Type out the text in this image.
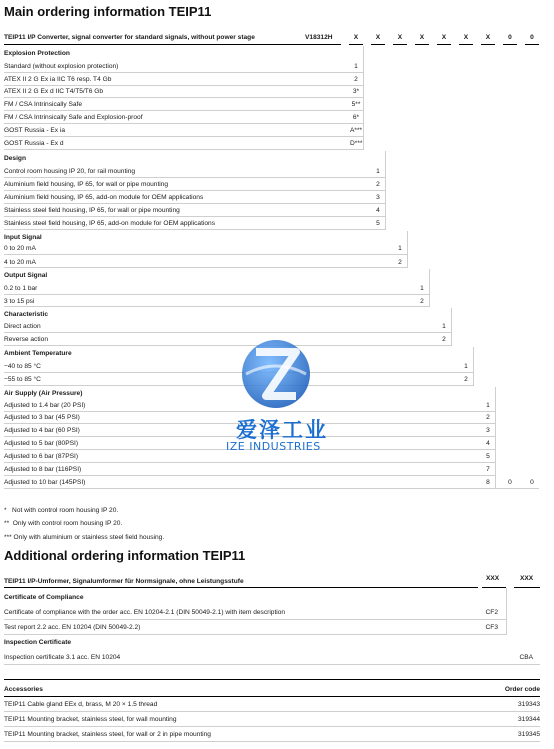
Main ordering information TEIP11
TEIP11 I/P Converter, signal converter for standard signals, without power stage	V18312H	X	X	X	X	X	X	X	0	0
Explosion Protection
Standard (without explosion protection)	1
ATEX II 2 G Ex ia IIC T6 resp. T4 Gb	2
ATEX II 2 G Ex d IIC T4/T5/T6 Gb	3*
FM / CSA Intrinsically Safe	5**
FM / CSA Intrinsically Safe and Explosion-proof	6*
GOST Russia - Ex ia	A***
GOST Russia - Ex d	D***
Design
Control room housing IP 20, for rail mounting	1
Aluminium field housing, IP 65, for wall or pipe mounting	2
Aluminium field housing, IP 65, add-on module for OEM applications	3
Stainless steel field housing, IP 65, for wall or pipe mounting	4
Stainless steel field housing, IP 65, add-on module for OEM applications	5
Input Signal
0 to 20 mA	1
4 to 20 mA	2
Output Signal
0.2 to 1 bar	1
3 to 15 psi	2
Characteristic
Direct action	1
Reverse action	2
Ambient Temperature
−40 to 85 °C	1
−55 to 85 °C	2
Air Supply (Air Pressure)
Adjusted to 1.4 bar (20 PSI)	1
Adjusted to 3 bar (45 PSI)	2
Adjusted to 4 bar (60 PSI)	3
Adjusted to 5 bar (80PSI)	4
Adjusted to 6 bar (87PSI)	5
Adjusted to 8 bar (116PSI)	7
Adjusted to 10 bar (145PSI)	8	0	0
*   Not with control room housing IP 20.
**  Only with control room housing IP 20.
*** Only with aluminium or stainless steel field housing.
Additional ordering information TEIP11
TEIP11 I/P-Umformer, Signalumformer für Normsignale, ohne Leistungsstufe	XXX	XXX
Certificate of Compliance
Certificate of compliance with the order acc. EN 10204-2.1 (DIN 50049-2.1) with item description	CF2
Test report 2.2 acc. EN 10204 (DIN 50049-2.2)	CF3
Inspection Certificate
Inspection certificate 3.1 acc. EN 10204	CBA
Accessories	Order code
TEIP11 Cable gland EEx d, brass, M 20 × 1.5 thread	319343
TEIP11 Mounting bracket, stainless steel, for wall mounting	319344
TEIP11 Mounting bracket, stainless steel, for wall or 2 in pipe mounting	319345
爱泽工业
IZE INDUSTRIES
